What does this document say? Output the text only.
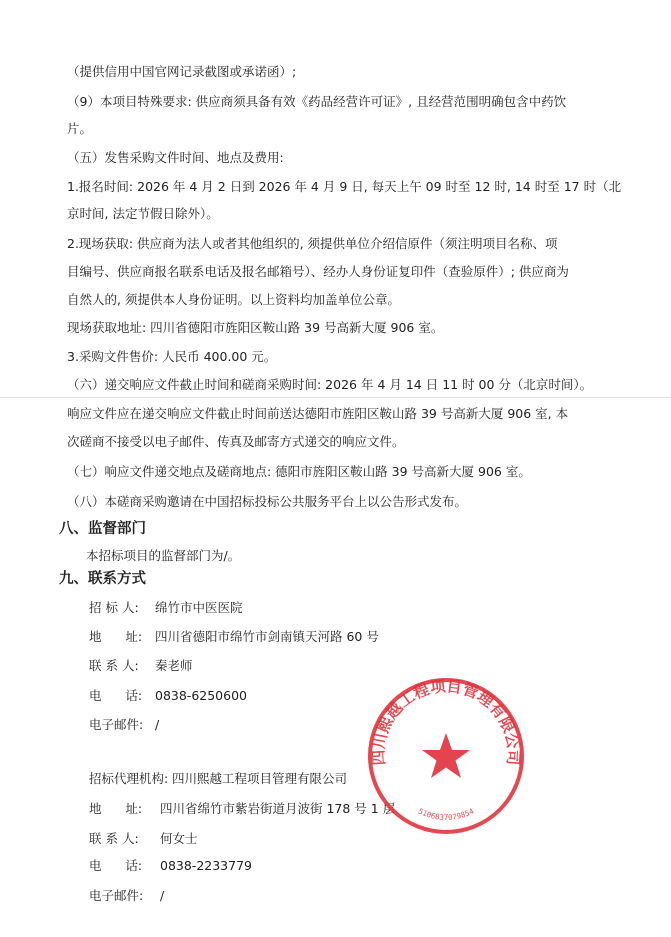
（提供信用中国官网记录截图或承诺函）;
（9）本项目特殊要求: 供应商须具备有效《药品经营许可证》, 且经营范围明确包含中药饮
片。
（五）发售采购文件时间、地点及费用:
1.报名时间: 2026 年 4 月 2 日到 2026 年 4 月 9 日, 每天上午 09 时至 12 时, 14 时至 17 时（北
京时间, 法定节假日除外）。
2.现场获取: 供应商为法人或者其他组织的, 须提供单位介绍信原件（须注明项目名称、项
目编号、供应商报名联系电话及报名邮箱号）、经办人身份证复印件（查验原件）; 供应商为
自然人的, 须提供本人身份证明。以上资料均加盖单位公章。
现场获取地址: 四川省德阳市旌阳区鞍山路 39 号高新大厦 906 室。
3.采购文件售价: 人民币 400.00 元。
（六）递交响应文件截止时间和磋商采购时间: 2026 年 4 月 14 日 11 时 00 分（北京时间）。
响应文件应在递交响应文件截止时间前送达德阳市旌阳区鞍山路 39 号高新大厦 906 室, 本
次磋商不接受以电子邮件、传真及邮寄方式递交的响应文件。
（七）响应文件递交地点及磋商地点: 德阳市旌阳区鞍山路 39 号高新大厦 906 室。
（八）本磋商采购邀请在中国招标投标公共服务平台上以公告形式发布。
八、监督部门
本招标项目的监督部门为/。
九、联系方式
招 标 人: 绵竹市中医医院
地      址: 四川省德阳市绵竹市剑南镇天河路 60 号
联 系 人: 秦老师
电      话: 0838-6250600
电子邮件: /
招标代理机构: 四川熙越工程项目管理有限公司
地      址: 四川省绵竹市紫岩街道月波街 178 号 1 层
联 系 人: 何女士
电      话: 0838-2233779
电子邮件: /
四川熙越工程项目管理有限公司
5106837079854
